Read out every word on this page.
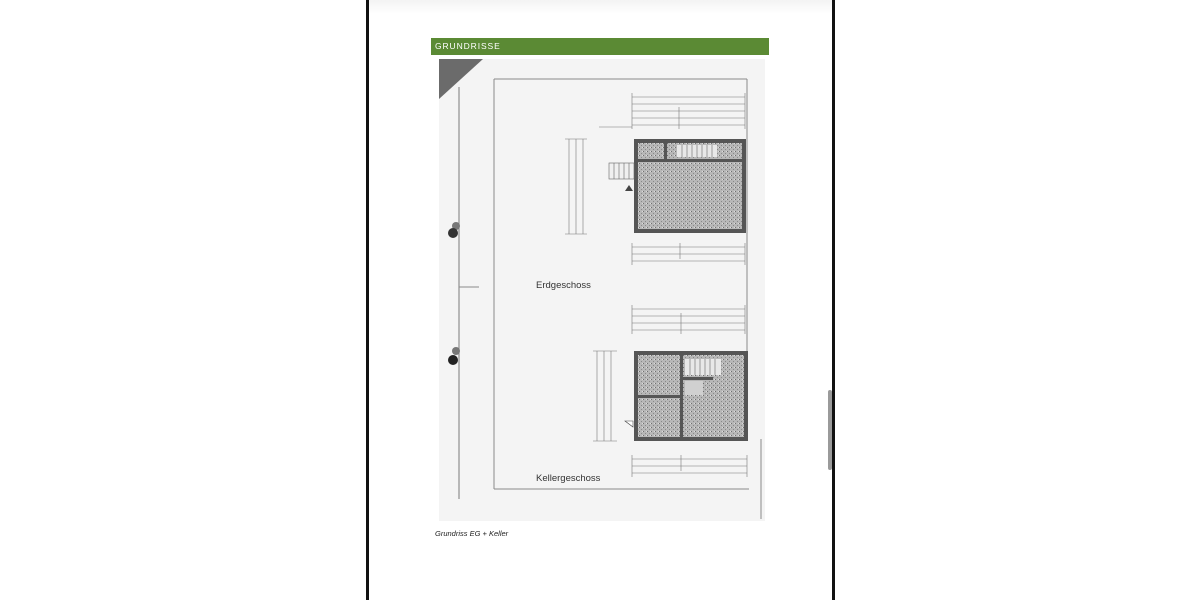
GRUNDRISSE
Erdgeschoss
Kellergeschoss
Grundriss EG + Keller
